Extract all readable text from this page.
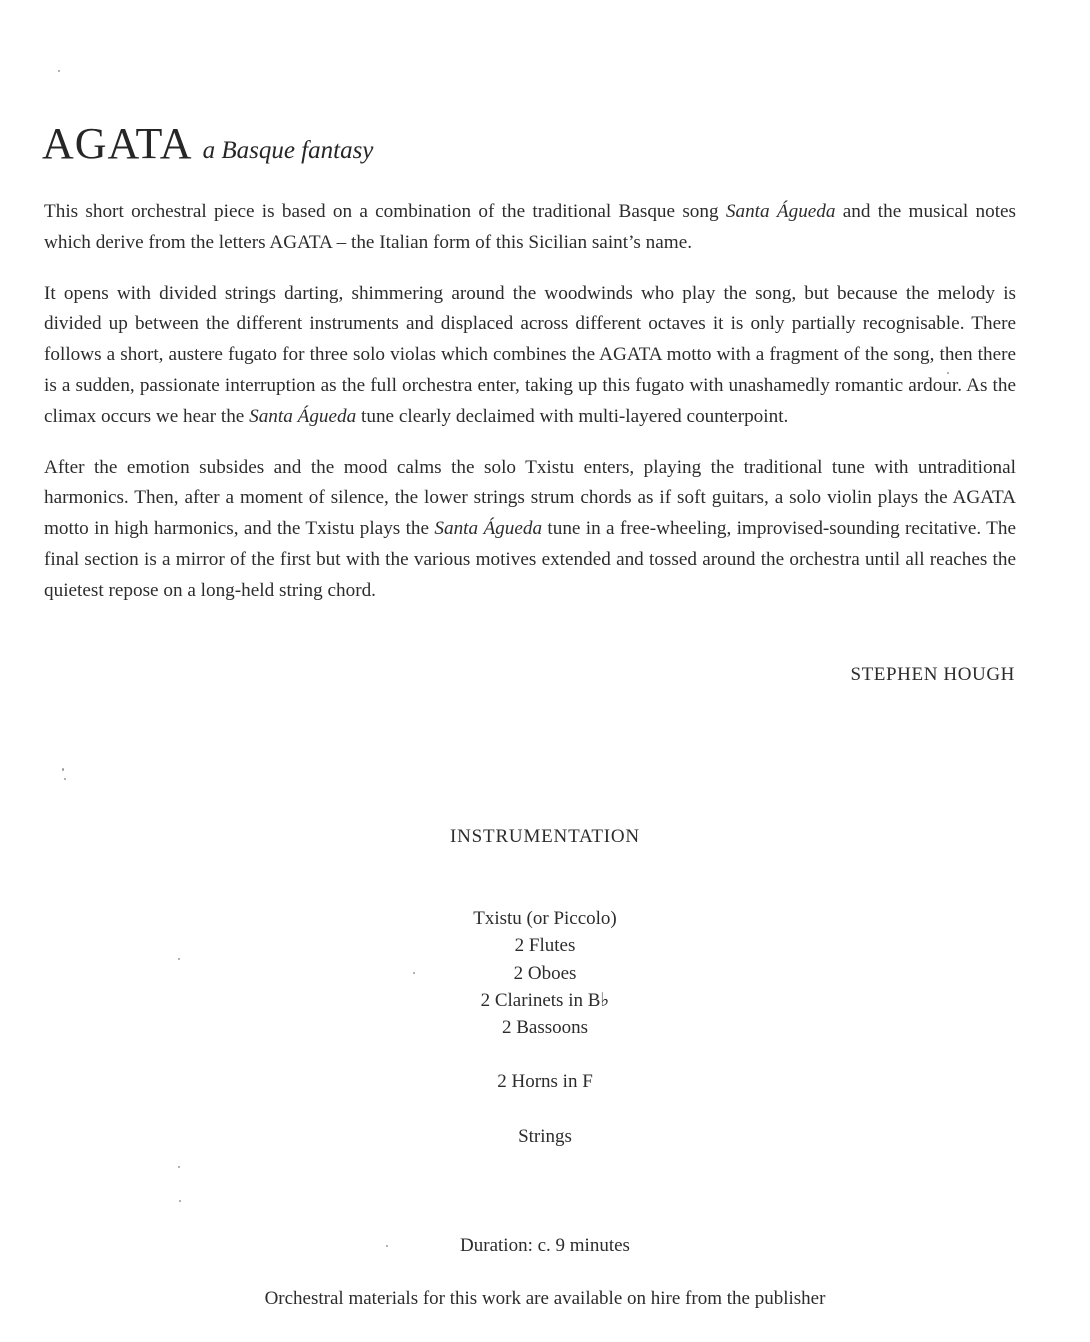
AGATA a Basque fantasy

This short orchestral piece is based on a combination of the traditional Basque song Santa Águeda and the musical notes which derive from the letters AGATA – the Italian form of this Sicilian saint’s name.

It opens with divided strings darting, shimmering around the woodwinds who play the song, but because the melody is divided up between the different instruments and displaced across different octaves it is only partially recognisable. There follows a short, austere fugato for three solo violas which combines the AGATA motto with a fragment of the song, then there is a sudden, passionate interruption as the full orchestra enter, taking up this fugato with unashamedly romantic ardour. As the climax occurs we hear the Santa Águeda tune clearly declaimed with multi-layered counterpoint.

After the emotion subsides and the mood calms the solo Txistu enters, playing the traditional tune with untraditional harmonics. Then, after a moment of silence, the lower strings strum chords as if soft guitars, a solo violin plays the AGATA motto in high harmonics, and the Txistu plays the Santa Águeda tune in a free-wheeling, improvised-sounding recitative. The final section is a mirror of the first but with the various motives extended and tossed around the orchestra until all reaches the quietest repose on a long-held string chord.

STEPHEN HOUGH
INSTRUMENTATION
Txistu (or Piccolo)
2 Flutes
2 Oboes
2 Clarinets in B♭
2 Bassoons
2 Horns in F
Strings
Duration: c. 9 minutes
Orchestral materials for this work are available on hire from the publisher
